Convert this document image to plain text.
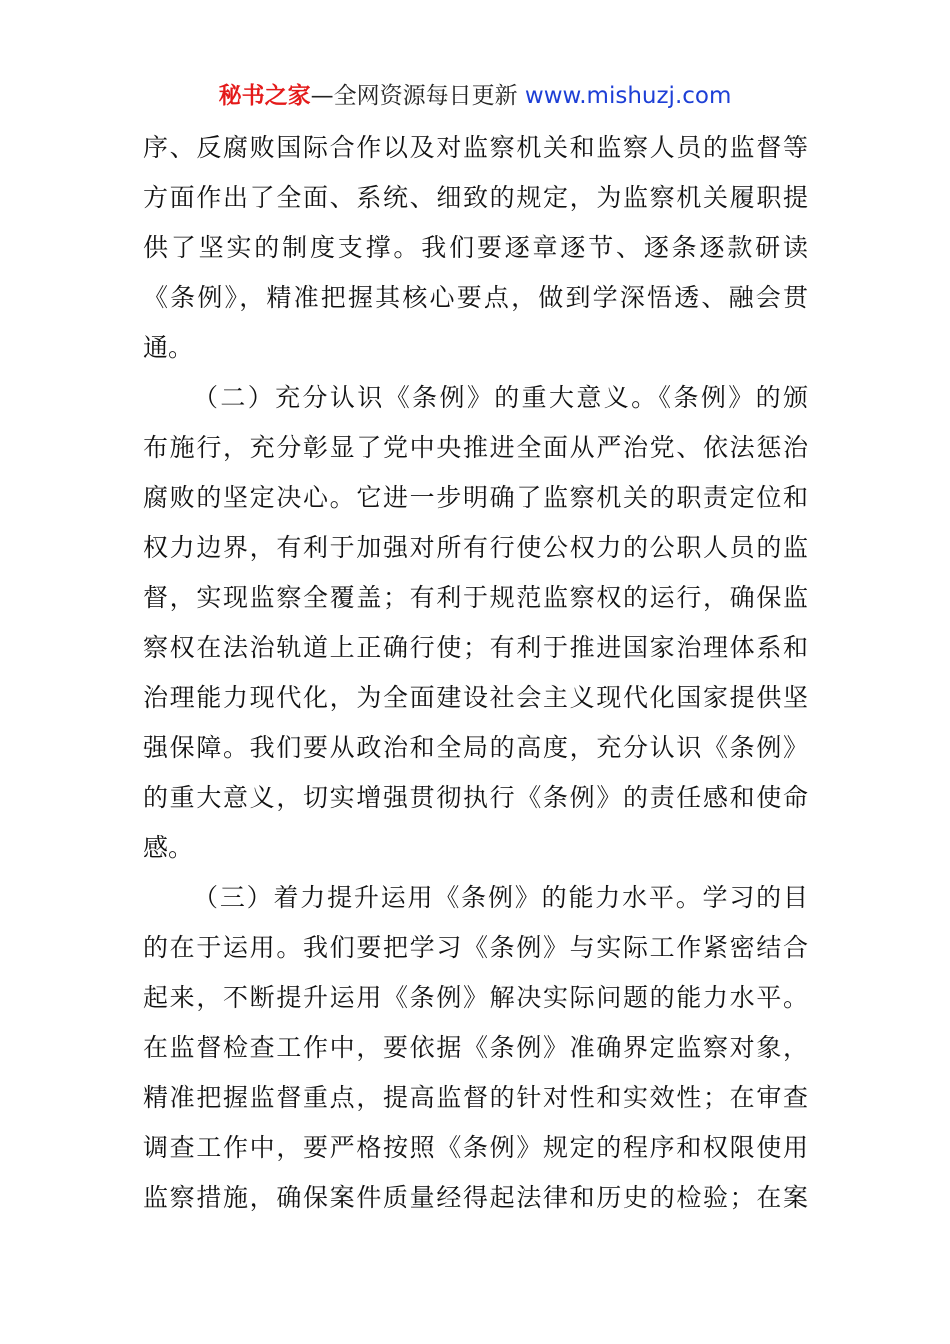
秘书之家—全网资源每日更新 www.mishuzj.com
序、反腐败国际合作以及对监察机关和监察人员的监督等
方面作出了全面、系统、细致的规定，为监察机关履职提
供了坚实的制度支撑。我们要逐章逐节、逐条逐款研读
《条例》，精准把握其核心要点，做到学深悟透、融会贯
通。
（二）充分认识《条例》的重大意义。《条例》的颁
布施行，充分彰显了党中央推进全面从严治党、依法惩治
腐败的坚定决心。它进一步明确了监察机关的职责定位和
权力边界，有利于加强对所有行使公权力的公职人员的监
督，实现监察全覆盖；有利于规范监察权的运行，确保监
察权在法治轨道上正确行使；有利于推进国家治理体系和
治理能力现代化，为全面建设社会主义现代化国家提供坚
强保障。我们要从政治和全局的高度，充分认识《条例》
的重大意义，切实增强贯彻执行《条例》的责任感和使命
感。
（三）着力提升运用《条例》的能力水平。学习的目
的在于运用。我们要把学习《条例》与实际工作紧密结合
起来，不断提升运用《条例》解决实际问题的能力水平。
在监督检查工作中，要依据《条例》准确界定监察对象，
精准把握监督重点，提高监督的针对性和实效性；在审查
调查工作中，要严格按照《条例》规定的程序和权限使用
监察措施，确保案件质量经得起法律和历史的检验；在案
